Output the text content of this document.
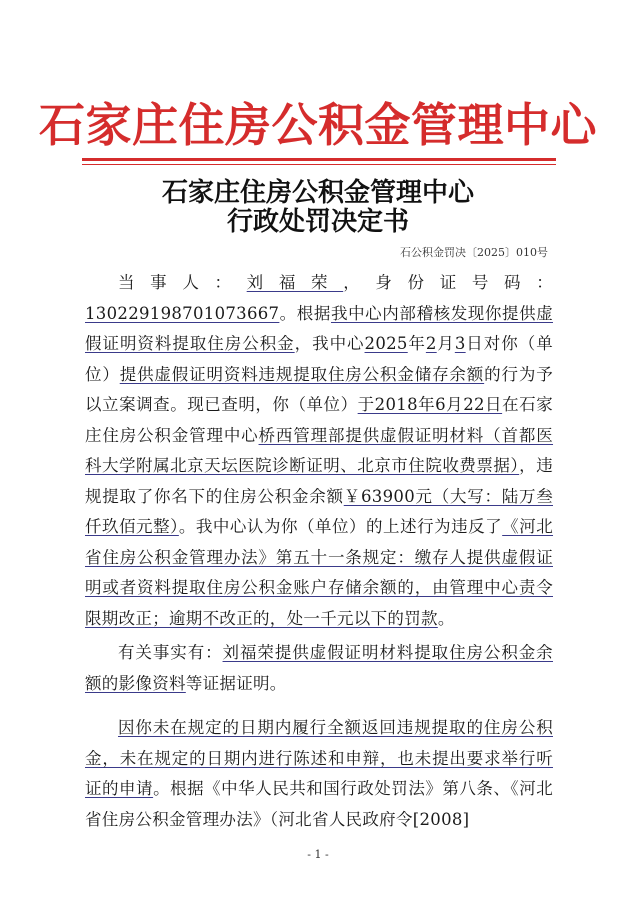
石家庄住房公积金管理中心
石家庄住房公积金管理中心
行政处罚决定书
石公积金罚决〔2025〕010号

当事人：刘福荣，身份证号码：130229198701073667。根据我中心内部稽核发现你提供虚假证明资料提取住房公积金，我中心2025年2月3日对你（单位）提供虚假证明资料违规提取住房公积金储存余额的行为予以立案调查。现已查明，你（单位）于2018年6月22日在石家庄住房公积金管理中心桥西管理部提供虚假证明材料（首都医科大学附属北京天坛医院诊断证明、北京市住院收费票据），违规提取了你名下的住房公积金余额￥63900元（大写：陆万叁仟玖佰元整）。我中心认为你（单位）的上述行为违反了《河北省住房公积金管理办法》第五十一条规定：缴存人提供虚假证明或者资料提取住房公积金账户存储余额的，由管理中心责令限期改正；逾期不改正的，处一千元以下的罚款。

有关事实有：刘福荣提供虚假证明材料提取住房公积金余额的影像资料等证据证明。

因你未在规定的日期内履行全额返回违规提取的住房公积金，未在规定的日期内进行陈述和申辩，也未提出要求举行听证的申请。根据《中华人民共和国行政处罚法》第八条、《河北省住房公积金管理办法》（河北省人民政府令[2008]

- 1 -
